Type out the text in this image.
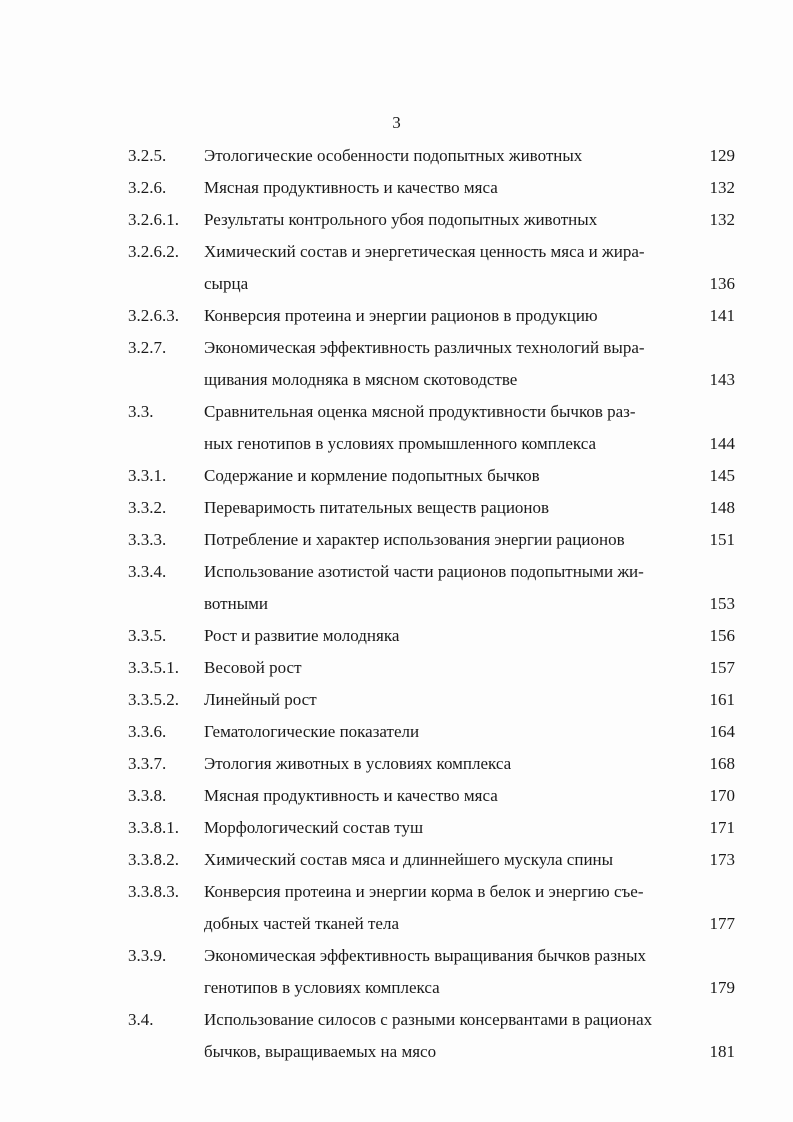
3
3.2.5.	Этологические особенности подопытных животных	129
3.2.6.	Мясная продуктивность и качество мяса	132
3.2.6.1.	Результаты контрольного убоя подопытных животных	132
3.2.6.2.	Химический состав и энергетическая ценность мяса и жира-
сырца	136
3.2.6.3.	Конверсия протеина и энергии рационов в продукцию	141
3.2.7.	Экономическая эффективность различных технологий выра-
щивания молодняка в мясном скотоводстве	143
3.3.	Сравнительная оценка мясной продуктивности бычков раз-
ных генотипов в условиях промышленного комплекса	144
3.3.1.	Содержание и кормление подопытных бычков	145
3.3.2.	Переваримость питательных веществ рационов	148
3.3.3.	Потребление и характер использования энергии рационов	151
3.3.4.	Использование азотистой части рационов подопытными жи-
вотными	153
3.3.5.	Рост и развитие молодняка	156
3.3.5.1.	Весовой рост	157
3.3.5.2.	Линейный рост	161
3.3.6.	Гематологические показатели	164
3.3.7.	Этология животных в условиях комплекса	168
3.3.8.	Мясная продуктивность и качество мяса	170
3.3.8.1.	Морфологический состав туш	171
3.3.8.2.	Химический состав мяса и длиннейшего мускула спины	173
3.3.8.3.	Конверсия протеина и энергии корма в белок и энергию съе-
добных частей тканей тела	177
3.3.9.	Экономическая эффективность выращивания бычков разных
генотипов в условиях комплекса	179
3.4.	Использование силосов с разными консервантами в рационах
бычков, выращиваемых на мясо	181
